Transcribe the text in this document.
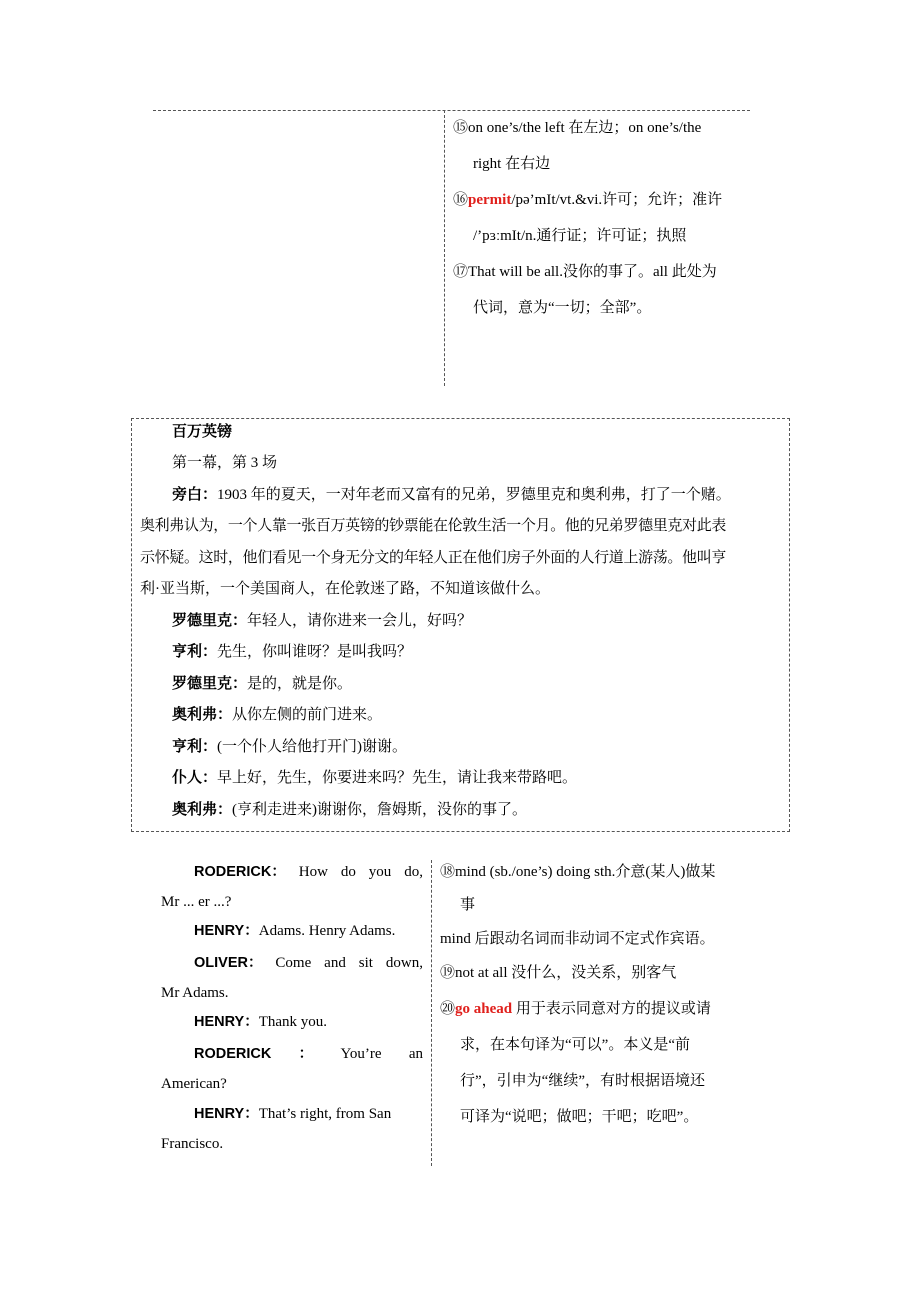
⑮on one’s/the left 在左边；on one’s/the
right 在右边
⑯permit/pə’mIt/vt.&vi.许可；允许；准许
/’pɜːmIt/n.通行证；许可证；执照
⑰That will be all.没你的事了。all 此处为
代词，意为“一切；全部”。
百万英镑
第一幕，第 3 场
旁白：1903 年的夏天，一对年老而又富有的兄弟，罗德里克和奥利弗，打了一个赌。
奥利弗认为，一个人靠一张百万英镑的钞票能在伦敦生活一个月。他的兄弟罗德里克对此表
示怀疑。这时，他们看见一个身无分文的年轻人正在他们房子外面的人行道上游荡。他叫亨
利·亚当斯，一个美国商人，在伦敦迷了路，不知道该做什么。
罗德里克：年轻人，请你进来一会儿，好吗？
亨利：先生，你叫谁呀？是叫我吗？
罗德里克：是的，就是你。
奥利弗：从你左侧的前门进来。
亨利：(一个仆人给他打开门)谢谢。
仆人：早上好，先生，你要进来吗？先生，请让我来带路吧。
奥利弗：(亨利走进来)谢谢你，詹姆斯，没你的事了。
RODERICK： How do you do,
Mr ... er ...?
HENRY：Adams. Henry Adams.
OLIVER： Come and sit down,
Mr Adams.
HENRY：Thank you.
RODERICK ： You’re an
American?
HENRY：That’s right, from San
Francisco.
⑱mind (sb./one’s) doing sth.介意(某人)做某
事
mind 后跟动名词而非动词不定式作宾语。
⑲not at all 没什么，没关系，别客气
⑳go ahead 用于表示同意对方的提议或请
求，在本句译为“可以”。本义是“前
行”，引申为“继续”，有时根据语境还
可译为“说吧；做吧；干吧；吃吧”。
